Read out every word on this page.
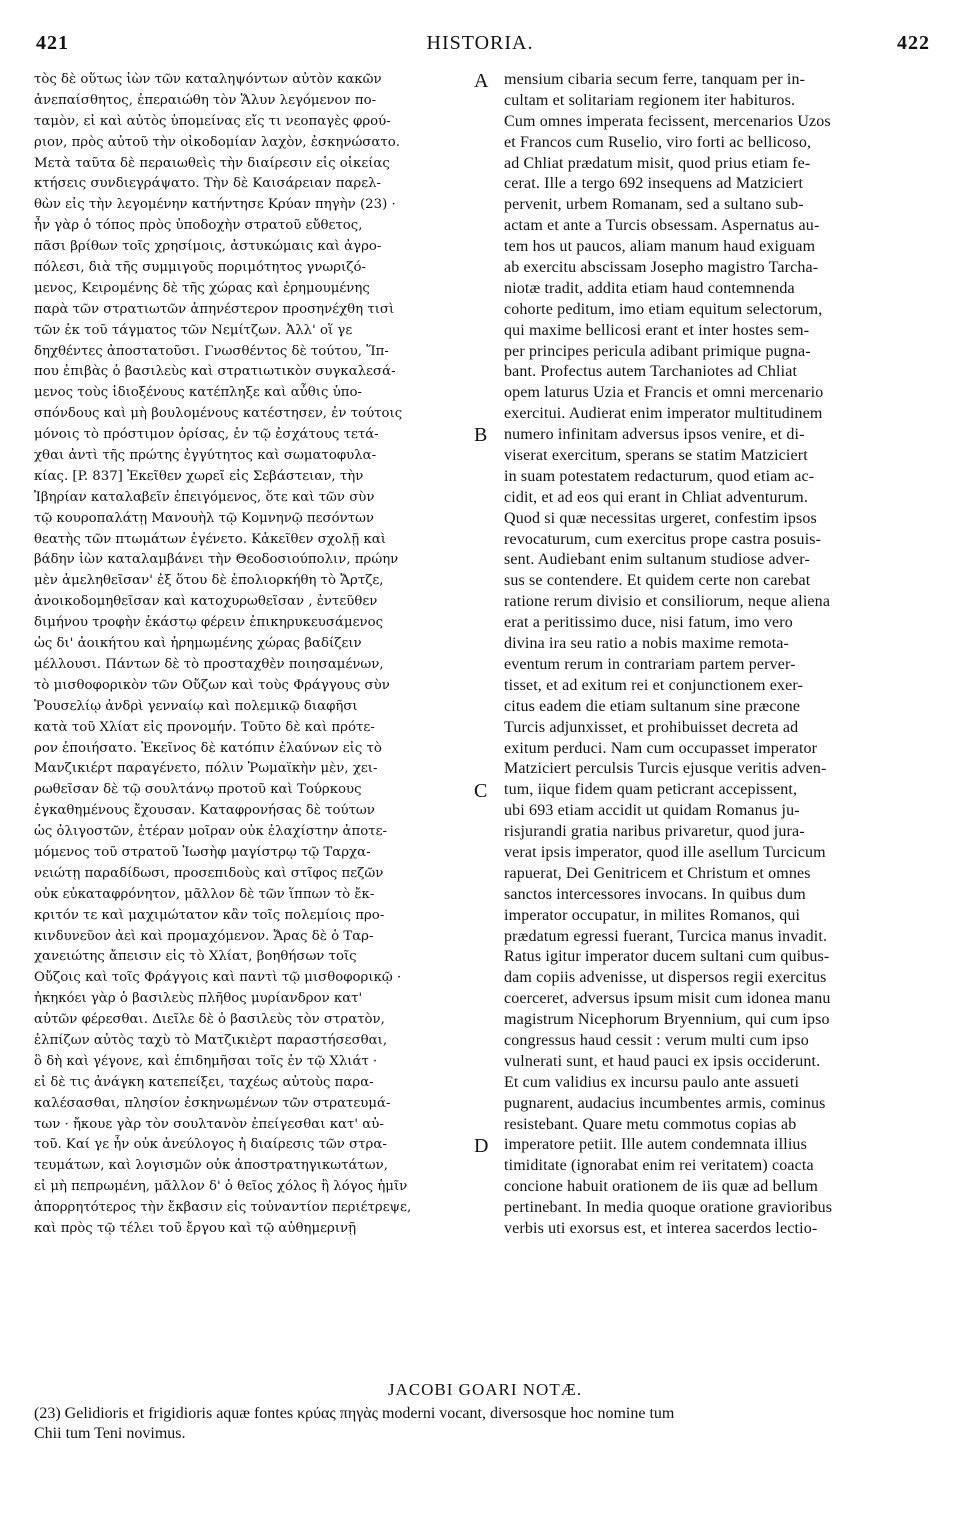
421	HISTORIA.	422
τὸς δὲ οὕτως ἰὼν τῶν καταληψόντων αὐτὸν κακῶν
ἀνεπαίσθητος, ἐπεραιώθη τὸν Ἅλυν λεγόμενον πο-
ταμὸν, εἰ καὶ αὐτὸς ὑπομείνας εἴς τι νεοπαγὲς φρού-
ριον, πρὸς αὐτοῦ τὴν οἰκοδομίαν λαχὸν, ἐσκηνώσατο.
Μετὰ ταῦτα δὲ περαιωθεὶς τὴν διαίρεσιν εἰς οἰκείας
κτήσεις συνδιεγράψατο. Τὴν δὲ Καισάρειαν παρελ-
θὼν εἰς τὴν λεγομένην κατήντησε Κρύαν πηγὴν (23) ·
ἦν γὰρ ὁ τόπος πρὸς ὑποδοχὴν στρατοῦ εὔθετος,
πᾶσι βρίθων τοῖς χρησίμοις, ἀστυκώμαις καὶ ἀγρο-
πόλεσι, διὰ τῆς συμμιγοῦς ποριμότητος γνωριζό-
μενος, Κειρομένης δὲ τῆς χώρας καὶ ἐρημουμένης
παρὰ τῶν στρατιωτῶν ἀπηνέστερον προσηνέχθη τισὶ
τῶν ἐκ τοῦ τάγματος τῶν Νεμίτζων. Ἀλλ' οἵ γε
δηχθέντες ἀποστατοῦσι. Γνωσθέντος δὲ τούτου, Ἵπ-
που ἐπιβὰς ὁ βασιλεὺς καὶ στρατιωτικὸν συγκαλεσά-
μενος τοὺς ἰδιοξένους κατέπληξε καὶ αὖθις ὑπο-
σπόνδους καὶ μὴ βουλομένους κατέστησεν, ἐν τούτοις
μόνοις τὸ πρόστιμον ὁρίσας, ἐν τῷ ἐσχάτους τετά-
χθαι ἀντὶ τῆς πρώτης ἐγγύτητος καὶ σωματοφυλα-
κίας. [P. 837] Ἐκεῖθεν χωρεῖ εἰς Σεβάστειαν, τὴν
Ἰβηρίαν καταλαβεῖν ἐπειγόμενος, ὅτε καὶ τῶν σὺν
τῷ κουροπαλάτῃ Μανουὴλ τῷ Κομνηνῷ πεσόντων
θεατὴς τῶν πτωμάτων ἐγένετο. Κἀκεῖθεν σχολῇ καὶ
βάδην ἰὼν καταλαμβάνει τὴν Θεοδοσιούπολιν, πρώην
μὲν ἀμεληθεῖσαν' ἐξ ὅτου δὲ ἐπολιορκήθη τὸ Ἄρτζε,
ἀνοικοδομηθεῖσαν καὶ κατοχυρωθεῖσαν , ἐντεῦθεν
διμήνου τροφὴν ἑκάστῳ φέρειν ἐπικηρυκευσάμενος
ὡς δι' ἀοικήτου καὶ ἠρημωμένης χώρας βαδίζειν
μέλλουσι. Πάντων δὲ τὸ προσταχθὲν ποιησαμένων,
τὸ μισθοφορικὸν τῶν Οὔζων καὶ τοὺς Φράγγους σὺν
Ῥουσελίῳ ἀνδρὶ γενναίῳ καὶ πολεμικῷ διαφῆσι
κατὰ τοῦ Χλίατ εἰς προνομήν. Τοῦτο δὲ καὶ πρότε-
ρον ἐποιήσατο. Ἐκεῖνος δὲ κατόπιν ἐλαύνων εἰς τὸ
Μανζικιέρτ παραγένετο, πόλιν Ῥωμαϊκὴν μὲν, χει-
ρωθεῖσαν δὲ τῷ σουλτάνῳ προτοῦ καὶ Τούρκους
ἐγκαθημένους ἔχουσαν. Καταφρονήσας δὲ τούτων
ὡς ὀλιγοστῶν, ἑτέραν μοῖραν οὐκ ἐλαχίστην ἀποτε-
μόμενος τοῦ στρατοῦ Ἰωσὴφ μαγίστρῳ τῷ Ταρχα-
νειώτῃ παραδίδωσι, προσεπιδοὺς καὶ στῖφος πεζῶν
οὐκ εὐκαταφρόνητον, μᾶλλον δὲ τῶν ἵππων τὸ ἔκ-
κριτόν τε καὶ μαχιμώτατον κἂν τοῖς πολεμίοις προ-
κινδυνεῦον ἀεὶ καὶ προμαχόμενον. Ἄρας δὲ ὁ Ταρ-
χανειώτης ἄπεισιν εἰς τὸ Χλίατ, βοηθήσων τοῖς
Οὔζοις καὶ τοῖς Φράγγοις καὶ παντὶ τῷ μισθοφορικῷ ·
ἠκηκόει γὰρ ὁ βασιλεὺς πλῆθος μυρίανδρον κατ'
αὐτῶν φέρεσθαι. Διεῖλε δὲ ὁ βασιλεὺς τὸν στρατὸν,
ἐλπίζων αὐτὸς ταχὺ τὸ Ματζικιὲρτ παραστήσεσθαι,
ὃ δὴ καὶ γέγονε, καὶ ἐπιδημῆσαι τοῖς ἐν τῷ Χλιάτ ·
εἰ δὲ τις ἀνάγκη κατεπείξει, ταχέως αὐτοὺς παρα-
καλέσασθαι, πλησίον ἐσκηνωμένων τῶν στρατευμά-
των · ἤκουε γὰρ τὸν σουλτανὸν ἐπείγεσθαι κατ' αὐ-
τοῦ. Καί γε ἦν οὐκ ἀνεύλογος ἡ διαίρεσις τῶν στρα-
τευμάτων, καὶ λογισμῶν οὐκ ἀποστρατηγικωτάτων,
εἰ μὴ πεπρωμένη, μᾶλλον δ' ὁ θεῖος χόλος ἢ λόγος ἡμῖν
ἀπορρητότερος τὴν ἔκβασιν εἰς τοὐναντίον περιέτρεψε,
καὶ πρὸς τῷ τέλει τοῦ ἔργου καὶ τῷ αὐθημερινῇ
mensium cibaria secum ferre, tanquam per in-
cultam et solitariam regionem iter habituros.
Cum omnes imperata fecissent, mercenarios Uzos
et Francos cum Ruselio, viro forti ac bellicoso,
ad Chliat prædatum misit, quod prius etiam fe-
cerat. Ille a tergo 692 insequens ad Matziciert
pervenit, urbem Romanam, sed a sultano sub-
actam et ante a Turcis obsessam. Aspernatus au-
tem hos ut paucos, aliam manum haud exiguam
ab exercitu abscissam Josepho magistro Tarcha-
niotæ tradit, addita etiam haud contemnenda
cohorte peditum, imo etiam equitum selectorum,
qui maxime bellicosi erant et inter hostes sem-
per principes pericula adibant primique pugna-
bant. Profectus autem Tarchaniotes ad Chliat
opem laturus Uzia et Francis et omni mercenario
exercitui. Audierat enim imperator multitudinem
numero infinitam adversus ipsos venire, et di-
viserat exercitum, sperans se statim Matziciert
in suam potestatem redacturum, quod etiam ac-
cidit, et ad eos qui erant in Chliat adventurum.
Quod si quæ necessitas urgeret, confestim ipsos
revocaturum, cum exercitus prope castra posuis-
sent. Audiebant enim sultanum studiose adver-
sus se contendere. Et quidem certe non carebat
ratione rerum divisio et consiliorum, neque aliena
erat a peritissimo duce, nisi fatum, imo vero
divina ira seu ratio a nobis maxime remota-
eventum rerum in contrariam partem perver-
tisset, et ad exitum rei et conjunctionem exer-
citus eadem die etiam sultanum sine præcone
Turcis adjunxisset, et prohibuisset decreta ad
exitum perduci. Nam cum occupasset imperator
Matziciert perculsis Turcis ejusque veritis adven-
tum, iique fidem quam peticrant accepissent,
ubi 693 etiam accidit ut quidam Romanus ju-
risjurandi gratia naribus privaretur, quod jura-
verat ipsis imperator, quod ille asellum Turcicum
rapuerat, Dei Genitricem et Christum et omnes
sanctos intercessores invocans. In quibus dum
imperator occupatur, in milites Romanos, qui
prædatum egressi fuerant, Turcica manus invadit.
Ratus igitur imperator ducem sultani cum quibus-
dam copiis advenisse, ut dispersos regii exercitus
coerceret, adversus ipsum misit cum idonea manu
magistrum Nicephorum Bryennium, qui cum ipso
congressus haud cessit : verum multi cum ipso
vulnerati sunt, et haud pauci ex ipsis occiderunt.
Et cum validius ex incursu paulo ante assueti
pugnarent, audacius incumbentes armis, cominus
resistebant. Quare metu commotus copias ab
imperatore petiit. Ille autem condemnata illius
timiditate (ignorabat enim rei veritatem) coacta
concione habuit orationem de iis quæ ad bellum
pertinebant. In media quoque oratione gravioribus
verbis uti exorsus est, et interea sacerdos lectio-
A
B
C
D
JACOBI GOARI NOTÆ.
(23) Gelidioris et frigidioris aquæ fontes κρύας πηγὰς moderni vocant, diversosque hoc nomine tum
Chii tum Teni novimus.
